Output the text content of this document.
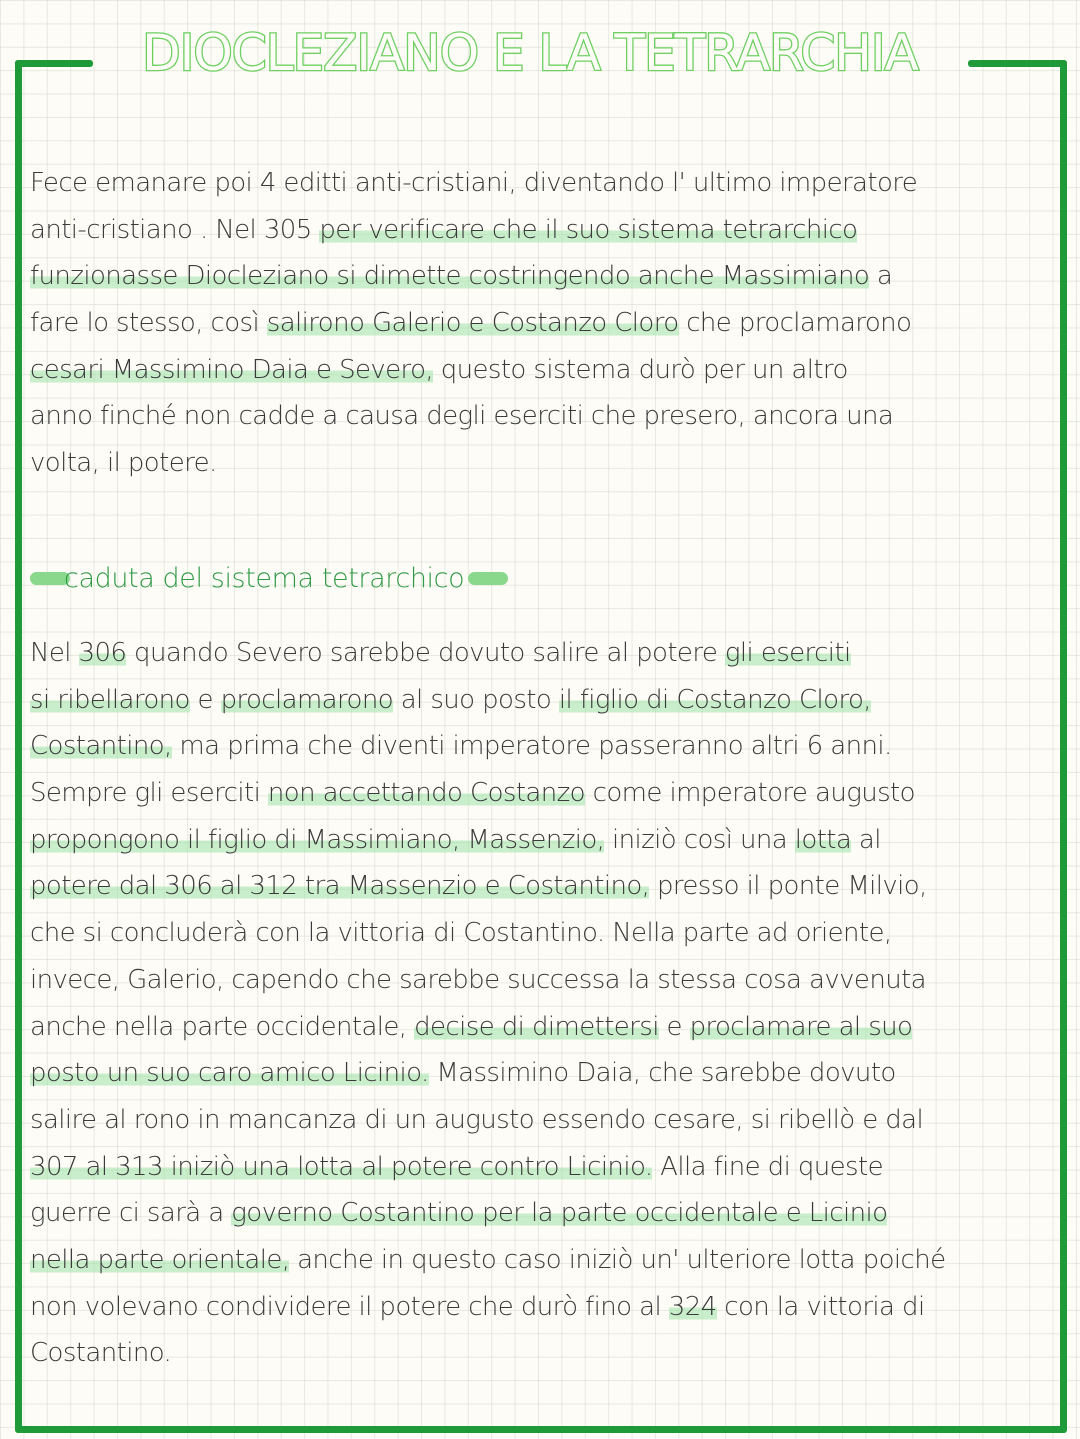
DIOCLEZIANO E LA TETRARCHIA
Fece emanare poi 4 editti anti-cristiani, diventando l' ultimo imperatore
anti-cristiano . Nel 305 per verificare che il suo sistema tetrarchico
funzionasse Diocleziano si dimette costringendo anche Massimiano a
fare lo stesso, così salirono Galerio e Costanzo Cloro che proclamarono
cesari Massimino Daia e Severo, questo sistema durò per un altro
anno finché non cadde a causa degli eserciti che presero, ancora una
volta, il potere.
caduta del sistema tetrarchico
Nel 306 quando Severo sarebbe dovuto salire al potere gli eserciti
si ribellarono e proclamarono al suo posto il figlio di Costanzo Cloro,
Costantino, ma prima che diventi imperatore passeranno altri 6 anni.
Sempre gli eserciti non accettando Costanzo come imperatore augusto
propongono il figlio di Massimiano, Massenzio, iniziò così una lotta al
potere dal 306 al 312 tra Massenzio e Costantino, presso il ponte Milvio,
che si concluderà con la vittoria di Costantino. Nella parte ad oriente,
invece, Galerio, capendo che sarebbe successa la stessa cosa avvenuta
anche nella parte occidentale, decise di dimettersi e proclamare al suo
posto un suo caro amico Licinio. Massimino Daia, che sarebbe dovuto
salire al rono in mancanza di un augusto essendo cesare, si ribellò e dal
307 al 313 iniziò una lotta al potere contro Licinio. Alla fine di queste
guerre ci sarà a governo Costantino per la parte occidentale e Licinio
nella parte orientale, anche in questo caso iniziò un' ulteriore lotta poiché
non volevano condividere il potere che durò fino al 324 con la vittoria di
Costantino.
